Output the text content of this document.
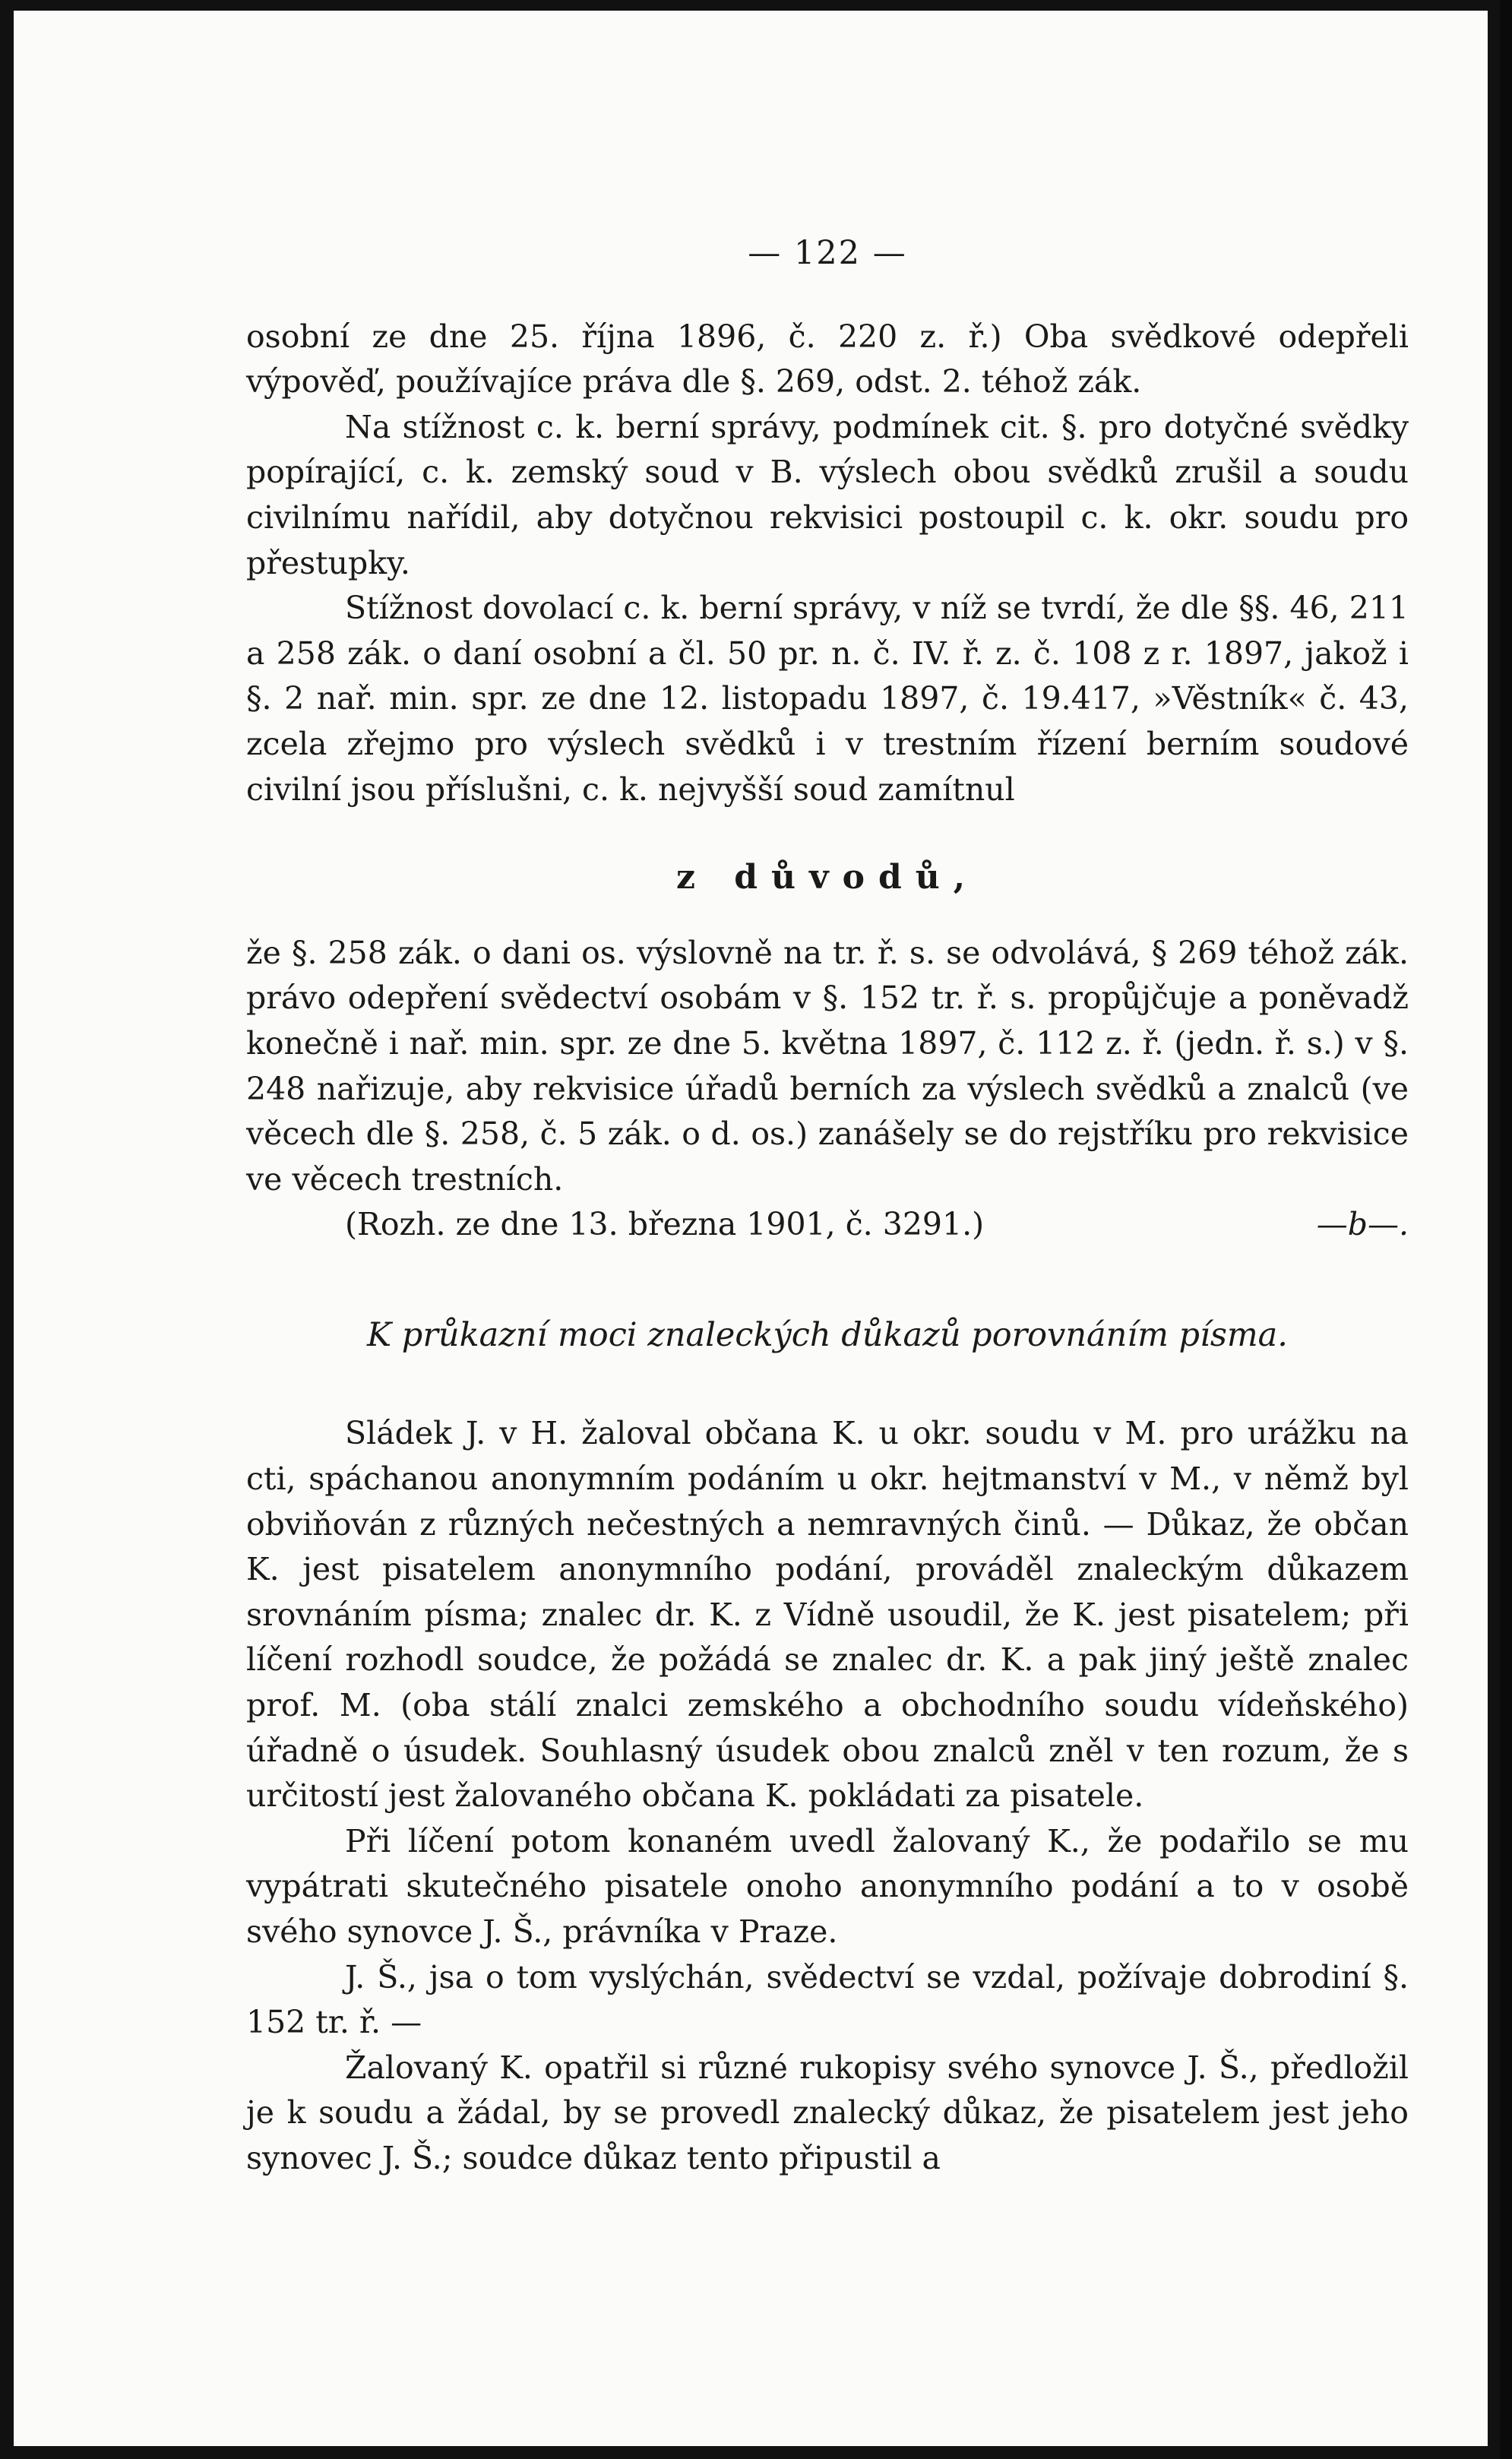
— 122 —

osobní ze dne 25. října 1896, č. 220 z. ř.) Oba svědkové odepřeli výpověď, používajíce práva dle §. 269, odst. 2. téhož zák.

Na stížnost c. k. berní správy, podmínek cit. §. pro dotyčné svědky popírající, c. k. zemský soud v B. výslech obou svědků zrušil a soudu civilnímu nařídil, aby dotyčnou rekvisici postoupil c. k. okr. soudu pro přestupky.

Stížnost dovolací c. k. berní správy, v níž se tvrdí, že dle §§. 46, 211 a 258 zák. o daní osobní a čl. 50 pr. n. č. IV. ř. z. č. 108 z r. 1897, jakož i §. 2 nař. min. spr. ze dne 12. listopadu 1897, č. 19.417, »Věstník« č. 43, zcela zřejmo pro výslech svědků i v trestním řízení berním soudové civilní jsou příslušni, c. k. nejvyšší soud zamítnul

z důvodů,

že §. 258 zák. o dani os. výslovně na tr. ř. s. se odvolává, § 269 téhož zák. právo odepření svědectví osobám v §. 152 tr. ř. s. propůjčuje a poněvadž konečně i nař. min. spr. ze dne 5. května 1897, č. 112 z. ř. (jedn. ř. s.) v §. 248 nařizuje, aby rekvisice úřadů berních za výslech svědků a znalců (ve věcech dle §. 258, č. 5 zák. o d. os.) zanášely se do rejstříku pro rekvisice ve věcech trestních.

(Rozh. ze dne 13. března 1901, č. 3291.)	—b—.
K průkazní moci znaleckých důkazů porovnáním písma.

Sládek J. v H. žaloval občana K. u okr. soudu v M. pro urážku na cti, spáchanou anonymním podáním u okr. hejtmanství v M., v němž byl obviňován z různých nečestných a nemravných činů. — Důkaz, že občan K. jest pisatelem anonymního podání, prováděl znaleckým důkazem srovnáním písma; znalec dr. K. z Vídně usoudil, že K. jest pisatelem; při líčení rozhodl soudce, že požádá se znalec dr. K. a pak jiný ještě znalec prof. M. (oba stálí znalci zemského a obchodního soudu vídeňského) úřadně o úsudek. Souhlasný úsudek obou znalců zněl v ten rozum, že s určitostí jest žalovaného občana K. pokládati za pisatele.

Při líčení potom konaném uvedl žalovaný K., že podařilo se mu vypátrati skutečného pisatele onoho anonymního podání a to v osobě svého synovce J. Š., právníka v Praze.

J. Š., jsa o tom vyslýchán, svědectví se vzdal, požívaje dobrodiní §. 152 tr. ř. —

Žalovaný K. opatřil si různé rukopisy svého synovce J. Š., předložil je k soudu a žádal, by se provedl znalecký důkaz, že pisatelem jest jeho synovec J. Š.; soudce důkaz tento připustil a
